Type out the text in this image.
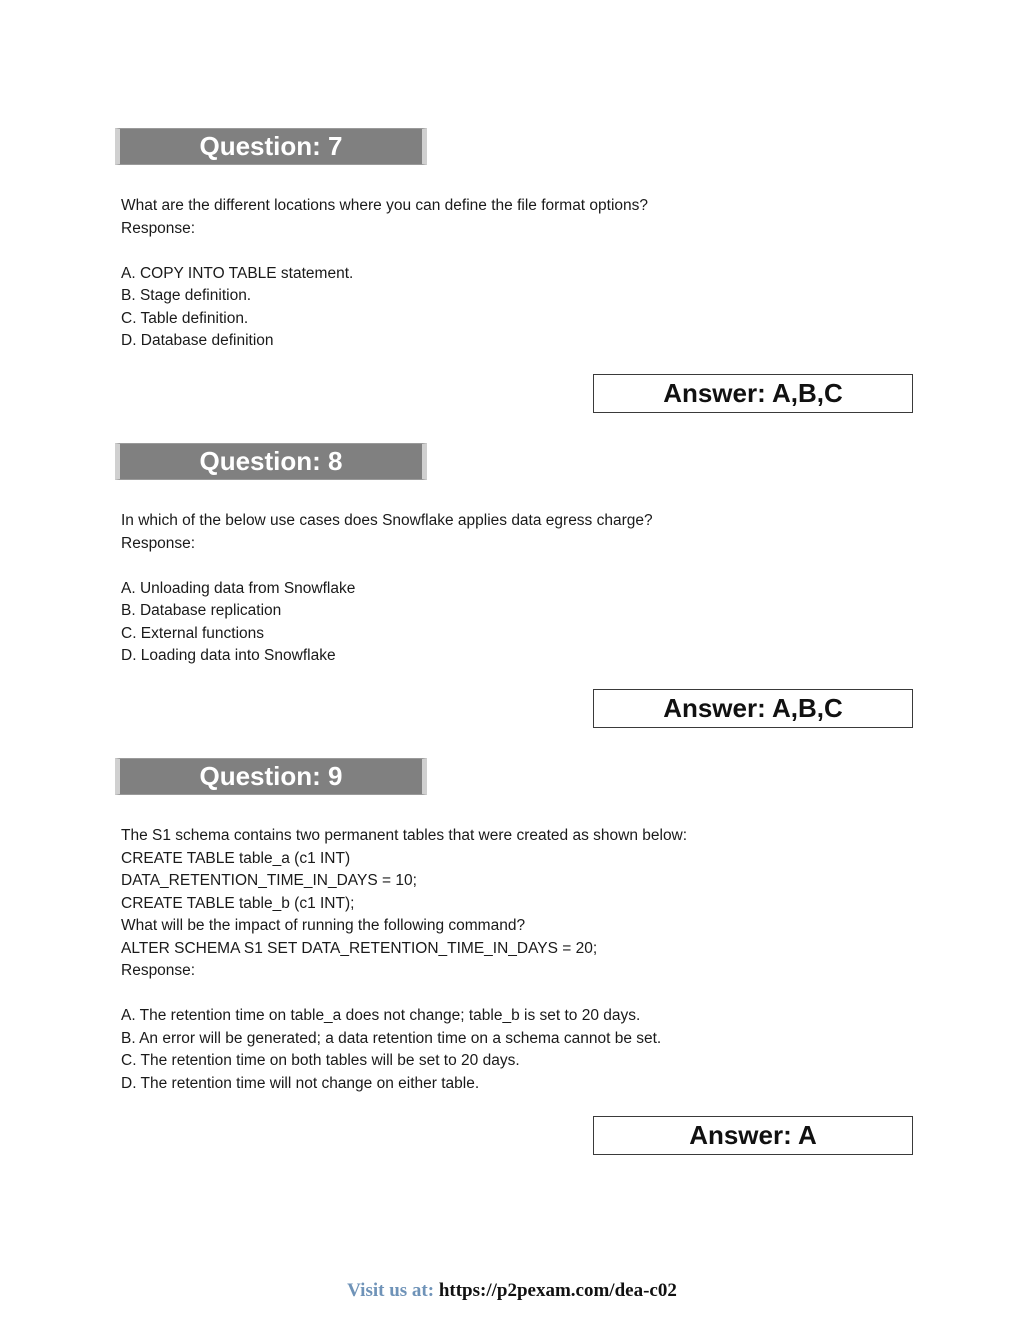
Question: 7
What are the different locations where you can define the file format options?
Response:
A. COPY INTO TABLE statement.
B. Stage definition.
C. Table definition.
D. Database definition
Answer: A,B,C
Question: 8
In which of the below use cases does Snowflake applies data egress charge?
Response:
A. Unloading data from Snowflake
B. Database replication
C. External functions
D. Loading data into Snowflake
Answer: A,B,C
Question: 9
The S1 schema contains two permanent tables that were created as shown below:
CREATE TABLE table_a (c1 INT)
DATA_RETENTION_TIME_IN_DAYS = 10;
CREATE TABLE table_b (c1 INT);
What will be the impact of running the following command?
ALTER SCHEMA S1 SET DATA_RETENTION_TIME_IN_DAYS = 20;
Response:
A. The retention time on table_a does not change; table_b is set to 20 days.
B. An error will be generated; a data retention time on a schema cannot be set.
C. The retention time on both tables will be set to 20 days.
D. The retention time will not change on either table.
Answer: A
Visit us at: https://p2pexam.com/dea-c02
